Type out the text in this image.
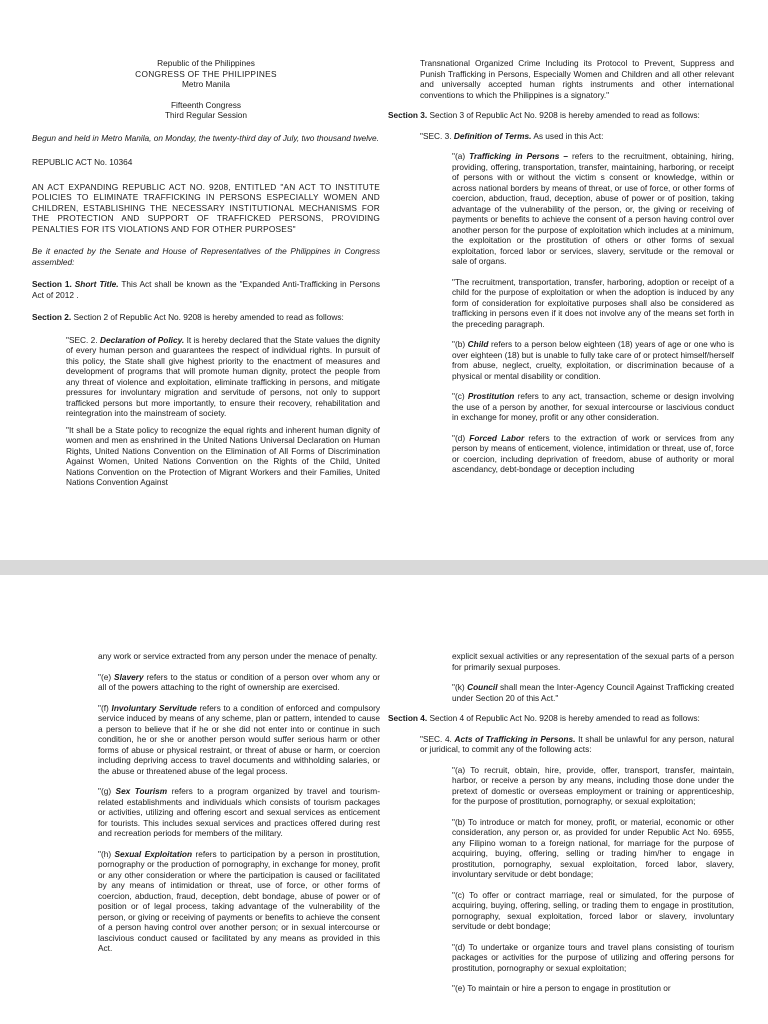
Republic of the Philippines

CONGRESS OF THE PHILIPPINES

Metro Manila

Fifteenth Congress

Third Regular Session

Begun and held in Metro Manila, on Monday, the twenty-third day of July, two thousand twelve.

REPUBLIC ACT No. 10364

AN ACT EXPANDING REPUBLIC ACT NO. 9208, ENTITLED "AN ACT TO INSTITUTE POLICIES TO ELIMINATE TRAFFICKING IN PERSONS ESPECIALLY WOMEN AND CHILDREN, ESTABLISHING THE NECESSARY INSTITUTIONAL MECHANISMS FOR THE PROTECTION AND SUPPORT OF TRAFFICKED PERSONS, PROVIDING PENALTIES FOR ITS VIOLATIONS AND FOR OTHER PURPOSES"

Be it enacted by the Senate and House of Representatives of the Philippines in Congress assembled:

Section 1. Short Title. This Act shall be known as the "Expanded Anti-Trafficking in Persons Act of 2012 .

Section 2. Section 2 of Republic Act No. 9208 is hereby amended to read as follows:

"SEC. 2. Declaration of Policy. It is hereby declared that the State values the dignity of every human person and guarantees the respect of individual rights. In pursuit of this policy, the State shall give highest priority to the enactment of measures and development of programs that will promote human dignity, protect the people from any threat of violence and exploitation, eliminate trafficking in persons, and mitigate pressures for involuntary migration and servitude of persons, not only to support trafficked persons but more importantly, to ensure their recovery, rehabilitation and reintegration into the mainstream of society.

"It shall be a State policy to recognize the equal rights and inherent human dignity of women and men as enshrined in the United Nations Universal Declaration on Human Rights, United Nations Convention on the Elimination of All Forms of Discrimination Against Women, United Nations Convention on the Rights of the Child, United Nations Convention on the Protection of Migrant Workers and their Families, United Nations Convention Against

Transnational Organized Crime Including its Protocol to Prevent, Suppress and Punish Trafficking in Persons, Especially Women and Children and all other relevant and universally accepted human rights instruments and other international conventions to which the Philippines is a signatory."

Section 3. Section 3 of Republic Act No. 9208 is hereby amended to read as follows:

"SEC. 3. Definition of Terms. As used in this Act:

"(a) Trafficking in Persons – refers to the recruitment, obtaining, hiring, providing, offering, transportation, transfer, maintaining, harboring, or receipt of persons with or without the victim s consent or knowledge, within or across national borders by means of threat, or use of force, or other forms of coercion, abduction, fraud, deception, abuse of power or of position, taking advantage of the vulnerability of the person, or, the giving or receiving of payments or benefits to achieve the consent of a person having control over another person for the purpose of exploitation which includes at a minimum, the exploitation or the prostitution of others or other forms of sexual exploitation, forced labor or services, slavery, servitude or the removal or sale of organs.

"The recruitment, transportation, transfer, harboring, adoption or receipt of a child for the purpose of exploitation or when the adoption is induced by any form of consideration for exploitative purposes shall also be considered as trafficking in persons even if it does not involve any of the means set forth in the preceding paragraph.

"(b) Child refers to a person below eighteen (18) years of age or one who is over eighteen (18) but is unable to fully take care of or protect himself/herself from abuse, neglect, cruelty, exploitation, or discrimination because of a physical or mental disability or condition.

"(c) Prostitution refers to any act, transaction, scheme or design involving the use of a person by another, for sexual intercourse or lascivious conduct in exchange for money, profit or any other consideration.

"(d) Forced Labor refers to the extraction of work or services from any person by means of enticement, violence, intimidation or threat, use of, force or coercion, including deprivation of freedom, abuse of authority or moral ascendancy, debt-bondage or deception including

any work or service extracted from any person under the menace of penalty.

"(e) Slavery refers to the status or condition of a person over whom any or all of the powers attaching to the right of ownership are exercised.

"(f) Involuntary Servitude refers to a condition of enforced and compulsory service induced by means of any scheme, plan or pattern, intended to cause a person to believe that if he or she did not enter into or continue in such condition, he or she or another person would suffer serious harm or other forms of abuse or physical restraint, or threat of abuse or harm, or coercion including depriving access to travel documents and withholding salaries, or the abuse or threatened abuse of the legal process.

"(g) Sex Tourism refers to a program organized by travel and tourism-related establishments and individuals which consists of tourism packages or activities, utilizing and offering escort and sexual services as enticement for tourists. This includes sexual services and practices offered during rest and recreation periods for members of the military.

"(h) Sexual Exploitation refers to participation by a person in prostitution, pornography or the production of pornography, in exchange for money, profit or any other consideration or where the participation is caused or facilitated by any means of intimidation or threat, use of force, or other forms of coercion, abduction, fraud, deception, debt bondage, abuse of power or of position or of legal process, taking advantage of the vulnerability of the person, or giving or receiving of payments or benefits to achieve the consent of a person having control over another person; or in sexual intercourse or lascivious conduct caused or facilitated by any means as provided in this Act.

explicit sexual activities or any representation of the sexual parts of a person for primarily sexual purposes.

"(k) Council shall mean the Inter-Agency Council Against Trafficking created under Section 20 of this Act."

Section 4. Section 4 of Republic Act No. 9208 is hereby amended to read as follows:

"SEC. 4. Acts of Trafficking in Persons. It shall be unlawful for any person, natural or juridical, to commit any of the following acts:

"(a) To recruit, obtain, hire, provide, offer, transport, transfer, maintain, harbor, or receive a person by any means, including those done under the pretext of domestic or overseas employment or training or apprenticeship, for the purpose of prostitution, pornography, or sexual exploitation;

"(b) To introduce or match for money, profit, or material, economic or other consideration, any person or, as provided for under Republic Act No. 6955, any Filipino woman to a foreign national, for marriage for the purpose of acquiring, buying, offering, selling or trading him/her to engage in prostitution, pornography, sexual exploitation, forced labor, slavery, involuntary servitude or debt bondage;

"(c) To offer or contract marriage, real or simulated, for the purpose of acquiring, buying, offering, selling, or trading them to engage in prostitution, pornography, sexual exploitation, forced labor or slavery, involuntary servitude or debt bondage;

"(d) To undertake or organize tours and travel plans consisting of tourism packages or activities for the purpose of utilizing and offering persons for prostitution, pornography or sexual exploitation;

"(e) To maintain or hire a person to engage in prostitution or
